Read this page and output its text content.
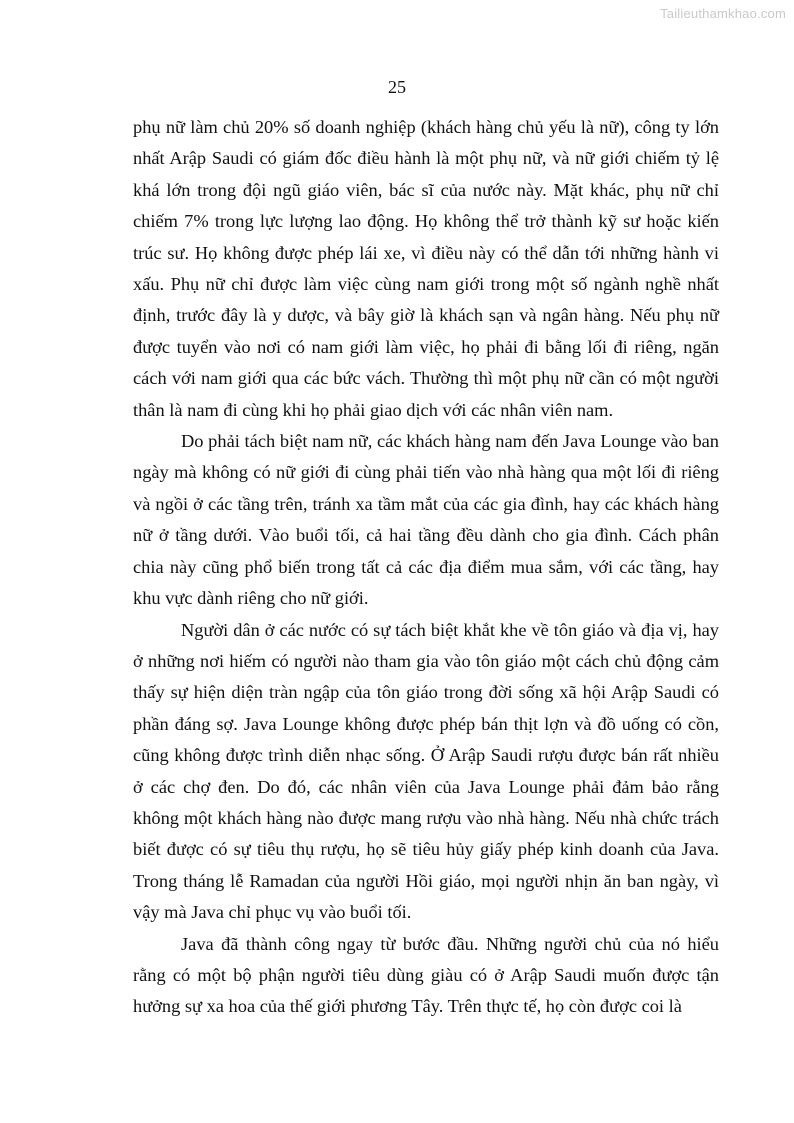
Tailieuthamkhao.com
25

phụ nữ làm chủ 20% số doanh nghiệp (khách hàng chủ yếu là nữ), công ty lớn nhất Arập Saudi có giám đốc điều hành là một phụ nữ, và nữ giới chiếm tỷ lệ khá lớn trong đội ngũ giáo viên, bác sĩ của nước này. Mặt khác, phụ nữ chỉ chiếm 7% trong lực lượng lao động. Họ không thể trở thành kỹ sư hoặc kiến trúc sư. Họ không được phép lái xe, vì điều này có thể dẫn tới những hành vi xấu. Phụ nữ chỉ được làm việc cùng nam giới trong một số ngành nghề nhất định, trước đây là y dược, và bây giờ là khách sạn và ngân hàng. Nếu phụ nữ được tuyển vào nơi có nam giới làm việc, họ phải đi bằng lối đi riêng, ngăn cách với nam giới qua các bức vách. Thường thì một phụ nữ cần có một người thân là nam đi cùng khi họ phải giao dịch với các nhân viên nam.

Do phải tách biệt nam nữ, các khách hàng nam đến Java Lounge vào ban ngày mà không có nữ giới đi cùng phải tiến vào nhà hàng qua một lối đi riêng và ngồi ở các tầng trên, tránh xa tầm mắt của các gia đình, hay các khách hàng nữ ở tầng dưới. Vào buổi tối, cả hai tầng đều dành cho gia đình. Cách phân chia này cũng phổ biến trong tất cả các địa điểm mua sắm, với các tầng, hay khu vực dành riêng cho nữ giới.

Người dân ở các nước có sự tách biệt khắt khe về tôn giáo và địa vị, hay ở những nơi hiếm có người nào tham gia vào tôn giáo một cách chủ động cảm thấy sự hiện diện tràn ngập của tôn giáo trong đời sống xã hội Arập Saudi có phần đáng sợ. Java Lounge không được phép bán thịt lợn và đồ uống có cồn, cũng không được trình diễn nhạc sống. Ở Arập Saudi rượu được bán rất nhiều ở các chợ đen. Do đó, các nhân viên của Java Lounge phải đảm bảo rằng không một khách hàng nào được mang rượu vào nhà hàng. Nếu nhà chức trách biết được có sự tiêu thụ rượu, họ sẽ tiêu hủy giấy phép kinh doanh của Java. Trong tháng lễ Ramadan của người Hồi giáo, mọi người nhịn ăn ban ngày, vì vậy mà Java chỉ phục vụ vào buổi tối.

Java đã thành công ngay từ bước đầu. Những người chủ của nó hiểu rằng có một bộ phận người tiêu dùng giàu có ở Arập Saudi muốn được tận hưởng sự xa hoa của thế giới phương Tây. Trên thực tế, họ còn được coi là
